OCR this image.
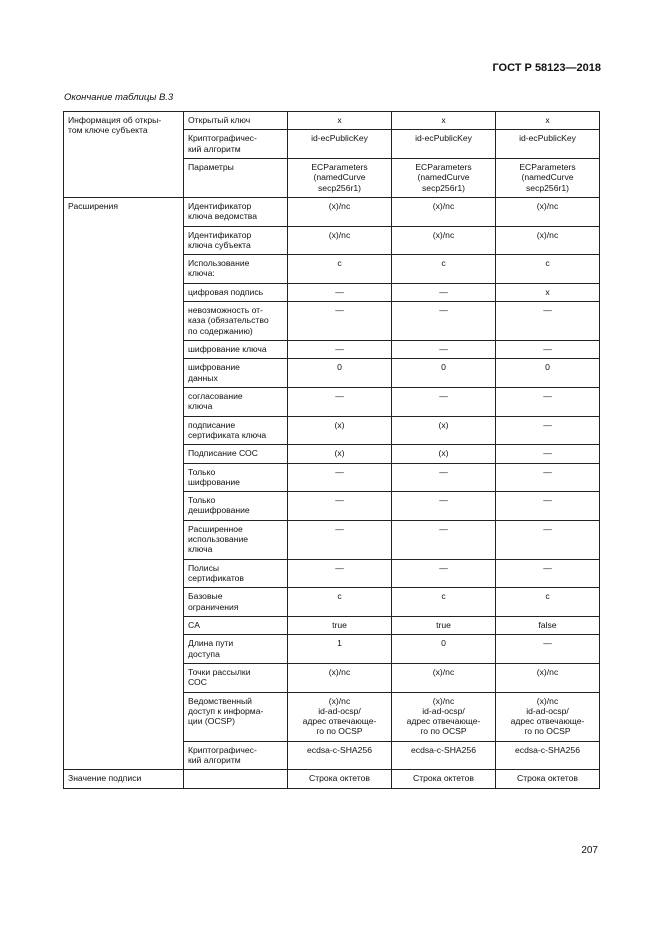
ГОСТ Р 58123—2018
Окончание таблицы В.3
Информация об откры-
том ключе субъекта	Открытый ключ	x	x	x
	Криптографичес-
кий алгоритм	id-ecPublicKey	id-ecPublicKey	id-ecPublicKey
	Параметры	ECParameters
(namedCurve
secp256r1)	ECParameters
(namedCurve
secp256r1)	ECParameters
(namedCurve
secp256r1)
Расширения	Идентификатор
ключа ведомства	(x)/nc	(x)/nc	(x)/nc
	Идентификатор
ключа субъекта	(x)/nc	(x)/nc	(x)/nc
	Использование
ключа:	c	c	c
	цифровая подпись	—	—	x
	невозможность от-
каза (обязательство
по содержанию)	—	—	—
	шифрование ключа	—	—	—
	шифрование
данных	0	0	0
	согласование
ключа	—	—	—
	подписание
сертификата ключа	(x)	(x)	—
	Подписание СОС	(x)	(x)	—
	Только
шифрование	—	—	—
	Только
дешифрование	—	—	—
	Расширенное
использование
ключа	—	—	—
	Полисы
сертификатов	—	—	—
	Базовые
ограничения	c	c	c
	CA	true	true	false
	Длина пути
доступа	1	0	—
	Точки рассылки
СОС	(x)/nc	(x)/nc	(x)/nc
	Ведомственный
доступ к информа-
ции (OCSP)	(x)/nc
id-ad-ocsp/
адрес отвечающе-
го по OCSP	(x)/nc
id-ad-ocsp/
адрес отвечающе-
го по OCSP	(x)/nc
id-ad-ocsp/
адрес отвечающе-
го по OCSP
	Криптографичес-
кий алгоритм	ecdsa-c-SHA256	ecdsa-c-SHA256	ecdsa-c-SHA256
Значение подписи		Строка октетов	Строка октетов	Строка октетов
207
